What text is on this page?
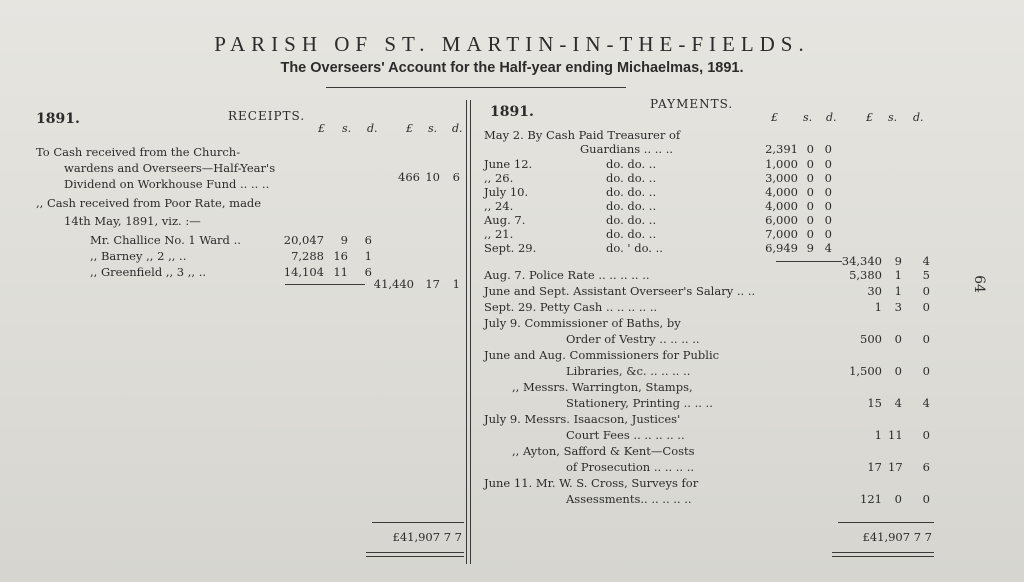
PARISH OF ST. MARTIN-IN-THE-FIELDS.
The Overseers' Account for the Half-year ending Michaelmas, 1891.
1891.	RECEIPTS.
£ s. d.	£ s. d.
To Cash received from the Church-
wardens and Overseers—Half-Year's
Dividend on Workhouse Fund .. .. ..	466 10	6
,, Cash received from Poor Rate, made
14th May, 1891, viz. :—
Mr. Challice No. 1 Ward ..	20,047	9	6
,, Barney ,, 2 ,, ..	7,288 16	1
,, Greenfield ,, 3 ,, ..	14,104 11	6
41,440 17	1
£41,907 7 7
1891.	PAYMENTS.
£ s. d.	£ s. d.
May 2. By Cash Paid Treasurer of
Guardians .. .. ..	2,391 0 0
June 12.	do. do. ..	1,000 0 0
,, 26.	do. do. ..	3,000 0 0
July 10.	do. do. ..	4,000 0 0
,, 24.	do. do. ..	4,000 0 0
Aug. 7.	do. do. ..	6,000 0 0
,, 21.	do. do. ..	7,000 0 0
Sept. 29.	do. ' do. ..	6,949 9 4
34,340	9	4
Aug. 7. Police Rate .. .. .. .. ..	5,380	1	5
June and Sept. Assistant Overseer's Salary .. ..	30	1	0
Sept. 29. Petty Cash .. .. .. .. ..	1	3	0
July 9. Commissioner of Baths, by
Order of Vestry .. .. .. ..	500	0	0
June and Aug. Commissioners for Public
Libraries, &c. .. .. .. ..	1,500	0	0
,, Messrs. Warrington, Stamps,
Stationery, Printing .. .. ..	15	4	4
July 9. Messrs. Isaacson, Justices'
Court Fees .. .. .. .. ..	1 11	0
,, Ayton, Safford & Kent—Costs
of Prosecution .. .. .. ..	17 17	6
June 11. Mr. W. S. Cross, Surveys for
Assessments.. .. .. .. ..	121	0	0
£41,907 7 7
64
